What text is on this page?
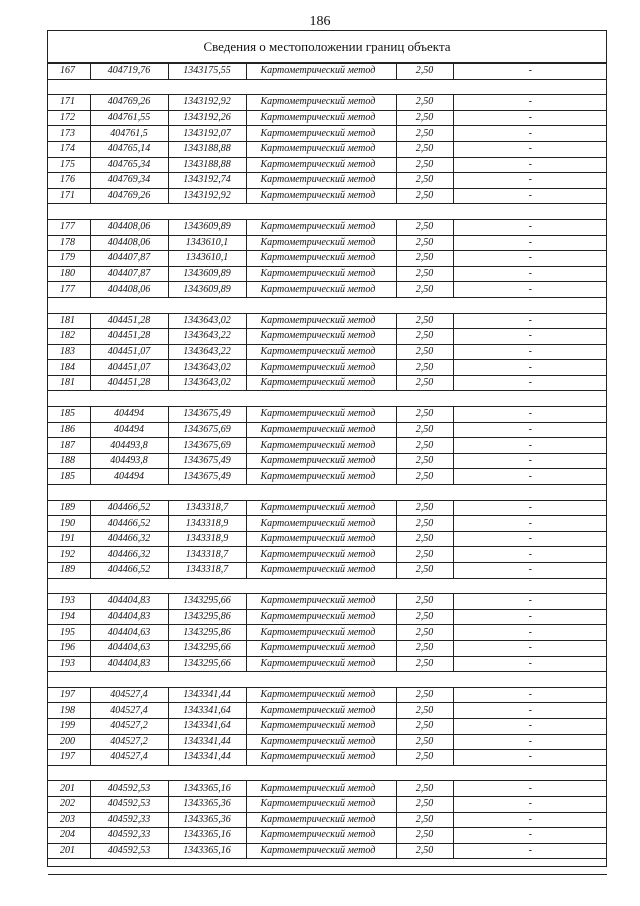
186
Сведения о местоположении границ объекта
167	404719,76	1343175,55	Картометрический метод	2,50	-

171	404769,26	1343192,92	Картометрический метод	2,50	-
172	404761,55	1343192,26	Картометрический метод	2,50	-
173	404761,5	1343192,07	Картометрический метод	2,50	-
174	404765,14	1343188,88	Картометрический метод	2,50	-
175	404765,34	1343188,88	Картометрический метод	2,50	-
176	404769,34	1343192,74	Картометрический метод	2,50	-
171	404769,26	1343192,92	Картометрический метод	2,50	-

177	404408,06	1343609,89	Картометрический метод	2,50	-
178	404408,06	1343610,1	Картометрический метод	2,50	-
179	404407,87	1343610,1	Картометрический метод	2,50	-
180	404407,87	1343609,89	Картометрический метод	2,50	-
177	404408,06	1343609,89	Картометрический метод	2,50	-

181	404451,28	1343643,02	Картометрический метод	2,50	-
182	404451,28	1343643,22	Картометрический метод	2,50	-
183	404451,07	1343643,22	Картометрический метод	2,50	-
184	404451,07	1343643,02	Картометрический метод	2,50	-
181	404451,28	1343643,02	Картометрический метод	2,50	-

185	404494	1343675,49	Картометрический метод	2,50	-
186	404494	1343675,69	Картометрический метод	2,50	-
187	404493,8	1343675,69	Картометрический метод	2,50	-
188	404493,8	1343675,49	Картометрический метод	2,50	-
185	404494	1343675,49	Картометрический метод	2,50	-

189	404466,52	1343318,7	Картометрический метод	2,50	-
190	404466,52	1343318,9	Картометрический метод	2,50	-
191	404466,32	1343318,9	Картометрический метод	2,50	-
192	404466,32	1343318,7	Картометрический метод	2,50	-
189	404466,52	1343318,7	Картометрический метод	2,50	-

193	404404,83	1343295,66	Картометрический метод	2,50	-
194	404404,83	1343295,86	Картометрический метод	2,50	-
195	404404,63	1343295,86	Картометрический метод	2,50	-
196	404404,63	1343295,66	Картометрический метод	2,50	-
193	404404,83	1343295,66	Картометрический метод	2,50	-

197	404527,4	1343341,44	Картометрический метод	2,50	-
198	404527,4	1343341,64	Картометрический метод	2,50	-
199	404527,2	1343341,64	Картометрический метод	2,50	-
200	404527,2	1343341,44	Картометрический метод	2,50	-
197	404527,4	1343341,44	Картометрический метод	2,50	-

201	404592,53	1343365,16	Картометрический метод	2,50	-
202	404592,53	1343365,36	Картометрический метод	2,50	-
203	404592,33	1343365,36	Картометрический метод	2,50	-
204	404592,33	1343365,16	Картометрический метод	2,50	-
201	404592,53	1343365,16	Картометрический метод	2,50	-
